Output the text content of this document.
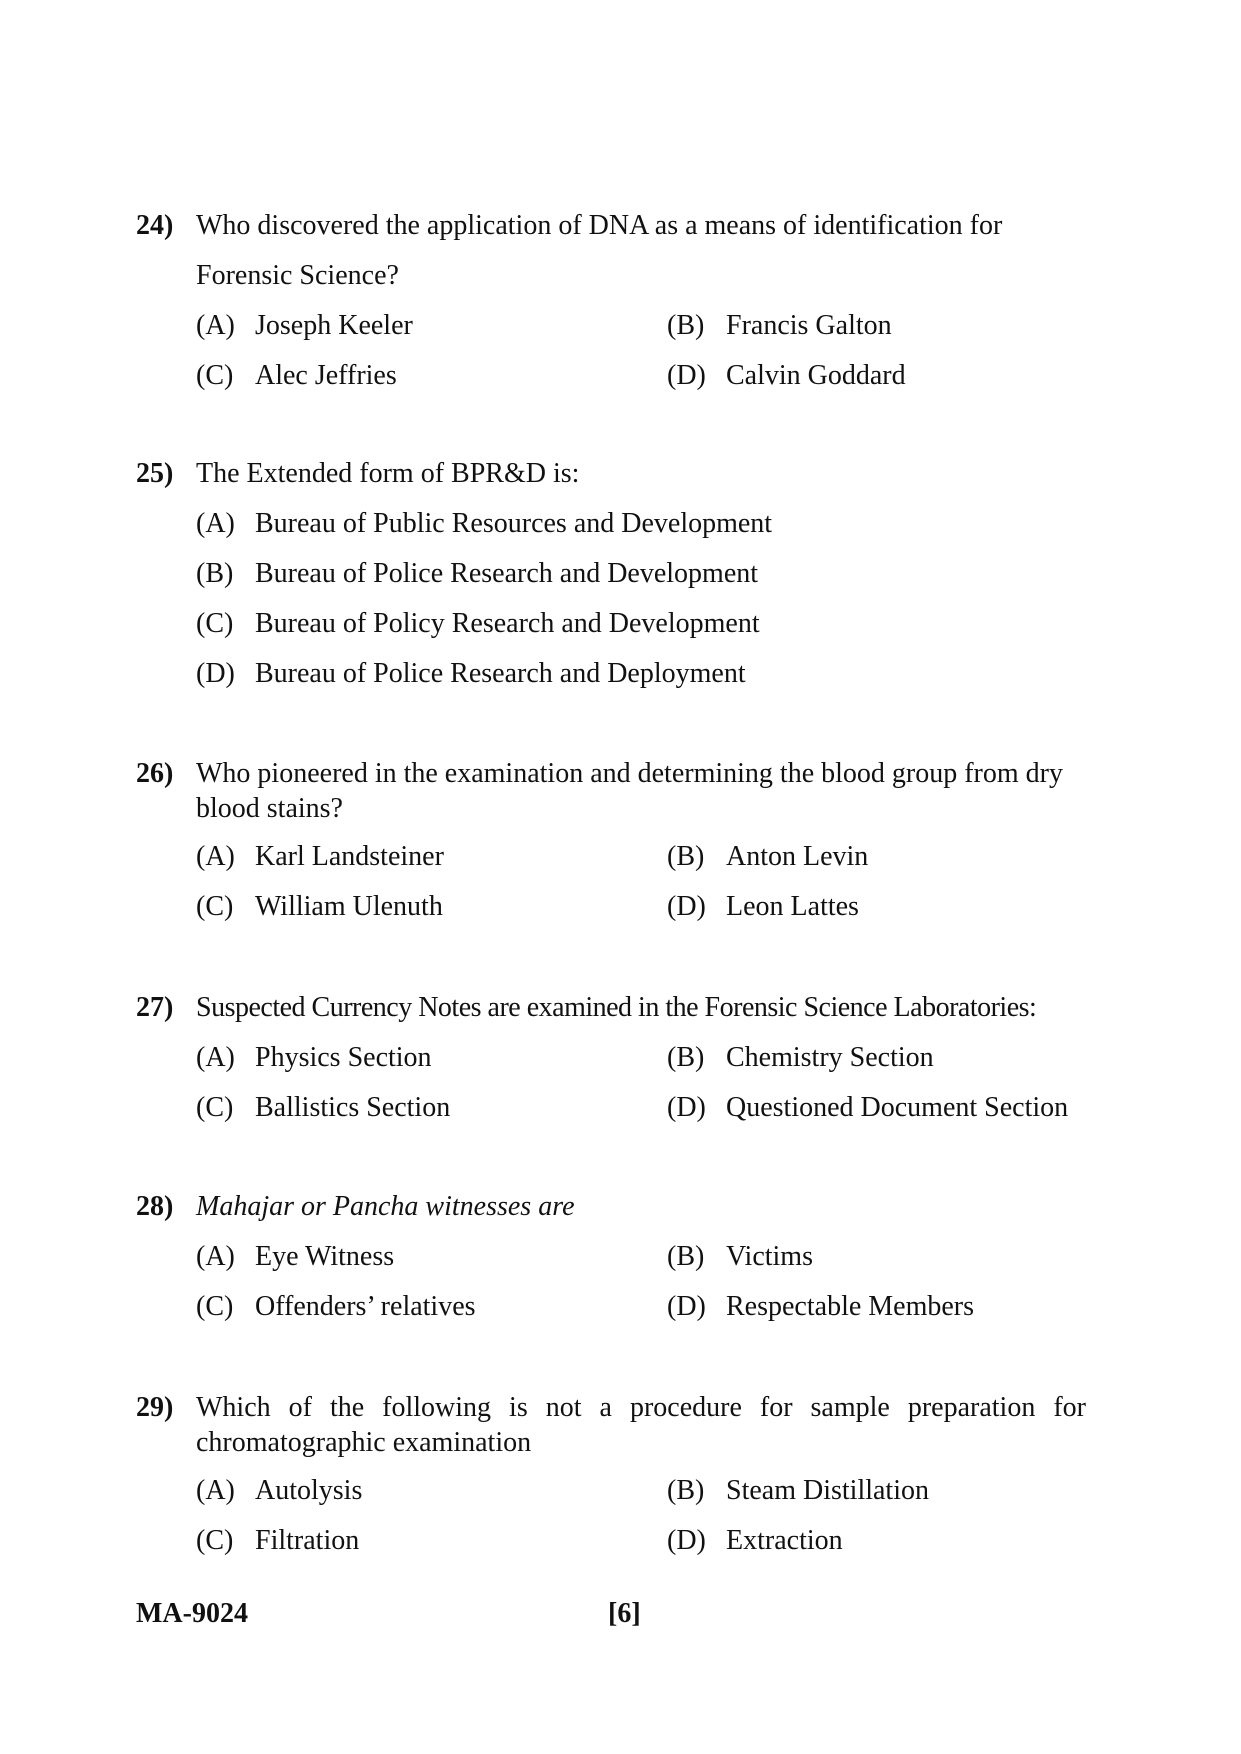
24) Who discovered the application of DNA as a means of identification for Forensic Science?
(A) Joseph Keeler	(B) Francis Galton
(C) Alec Jeffries	(D) Calvin Goddard
25) The Extended form of BPR&D is:
(A) Bureau of Public Resources and Development
(B) Bureau of Police Research and Development
(C) Bureau of Policy Research and Development
(D) Bureau of Police Research and Deployment
26) Who pioneered in the examination and determining the blood group from dry blood stains?
(A) Karl Landsteiner	(B) Anton Levin
(C) William Ulenuth	(D) Leon Lattes
27) Suspected Currency Notes are examined in the Forensic Science Laboratories:
(A) Physics Section	(B) Chemistry Section
(C) Ballistics Section	(D) Questioned Document Section
28) Mahajar or Pancha witnesses are
(A) Eye Witness	(B) Victims
(C) Offenders’ relatives	(D) Respectable Members
29) Which of the following is not a procedure for sample preparation for chromatographic examination
(A) Autolysis	(B) Steam Distillation
(C) Filtration	(D) Extraction
MA-9024	[6]
